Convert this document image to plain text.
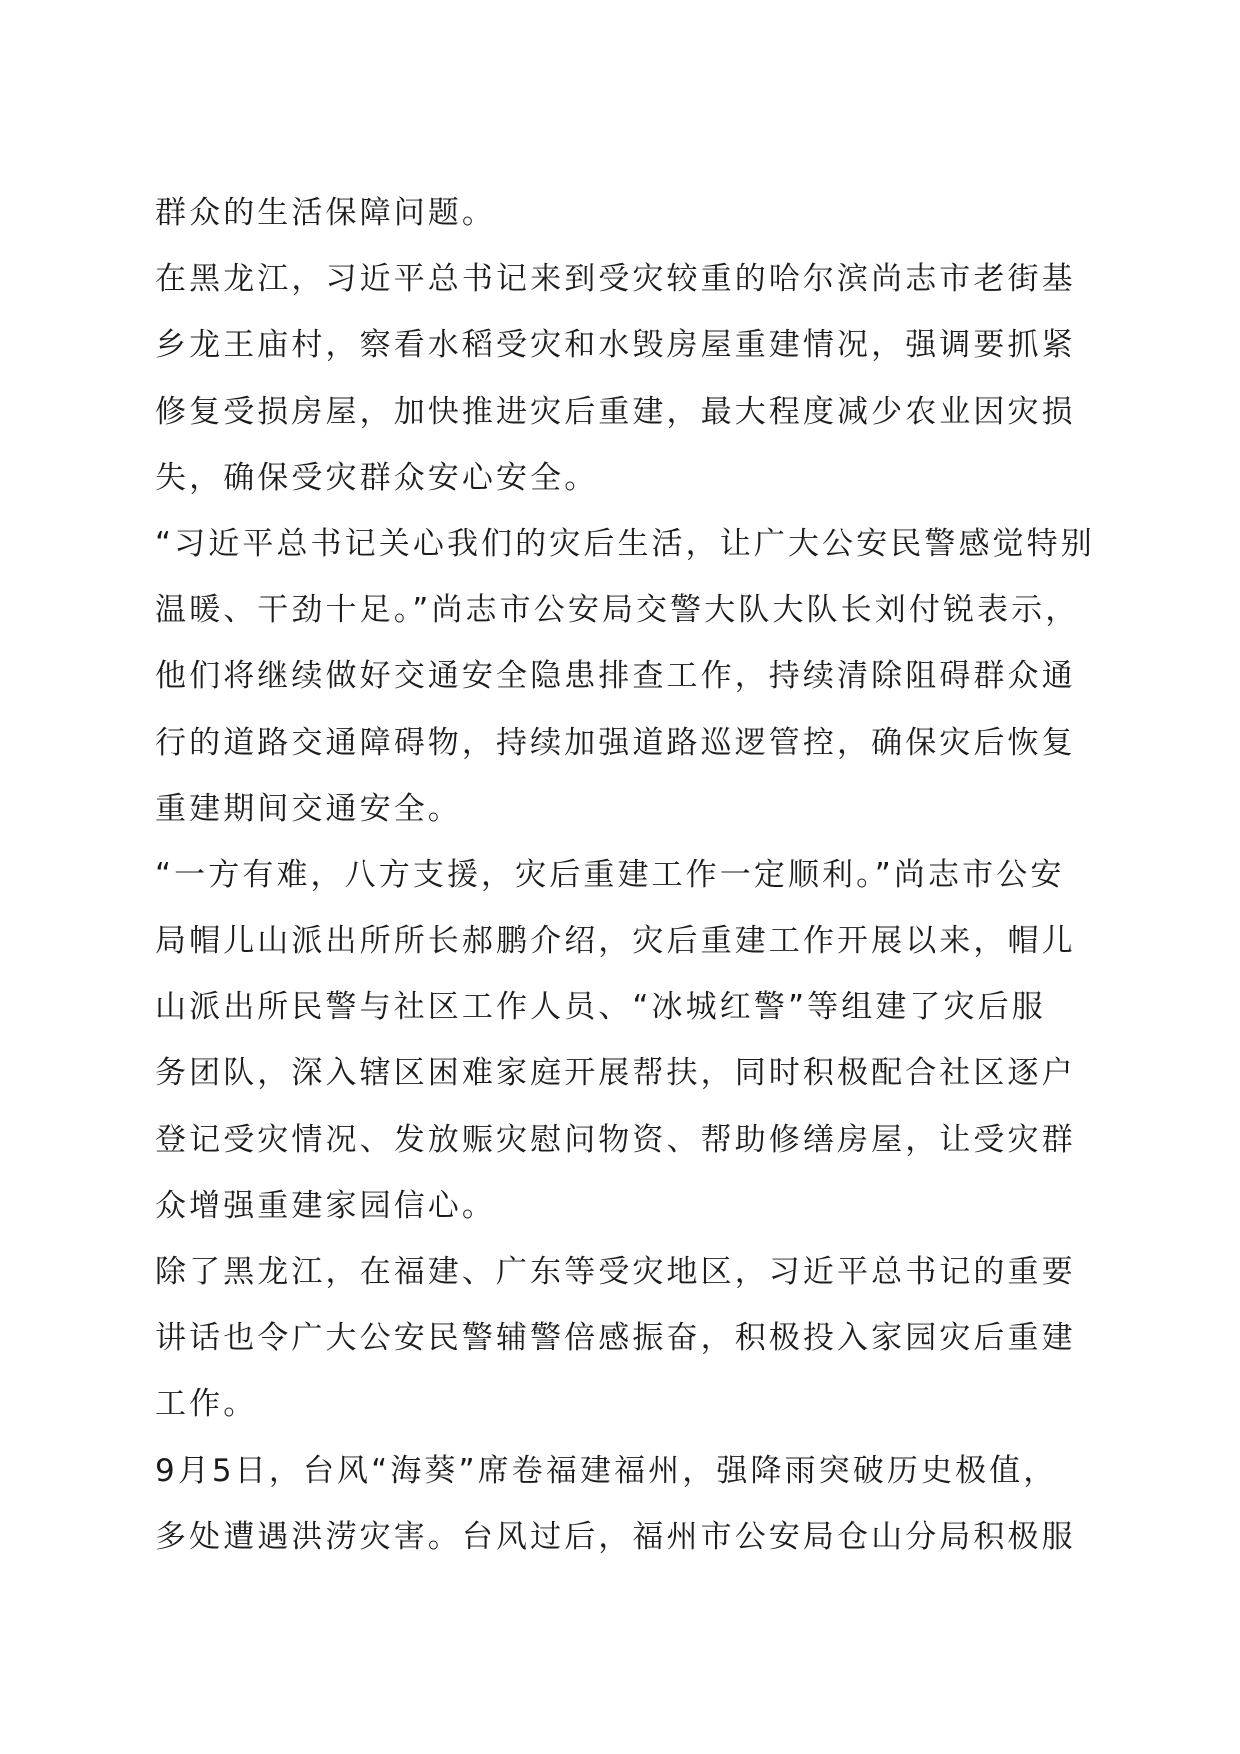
群众的生活保障问题。
在黑龙江，习近平总书记来到受灾较重的哈尔滨尚志市老街基
乡龙王庙村，察看水稻受灾和水毁房屋重建情况，强调要抓紧
修复受损房屋，加快推进灾后重建，最大程度减少农业因灾损
失，确保受灾群众安心安全。
“习近平总书记关心我们的灾后生活，让广大公安民警感觉特别
温暖、干劲十足。”尚志市公安局交警大队大队长刘付锐表示，
他们将继续做好交通安全隐患排查工作，持续清除阻碍群众通
行的道路交通障碍物，持续加强道路巡逻管控，确保灾后恢复
重建期间交通安全。
“一方有难，八方支援，灾后重建工作一定顺利。”尚志市公安
局帽儿山派出所所长郝鹏介绍，灾后重建工作开展以来，帽儿
山派出所民警与社区工作人员、“冰城红警”等组建了灾后服
务团队，深入辖区困难家庭开展帮扶，同时积极配合社区逐户
登记受灾情况、发放赈灾慰问物资、帮助修缮房屋，让受灾群
众增强重建家园信心。
除了黑龙江，在福建、广东等受灾地区，习近平总书记的重要
讲话也令广大公安民警辅警倍感振奋，积极投入家园灾后重建
工作。
9月5日，台风“海葵”席卷福建福州，强降雨突破历史极值，
多处遭遇洪涝灾害。台风过后，福州市公安局仓山分局积极服
